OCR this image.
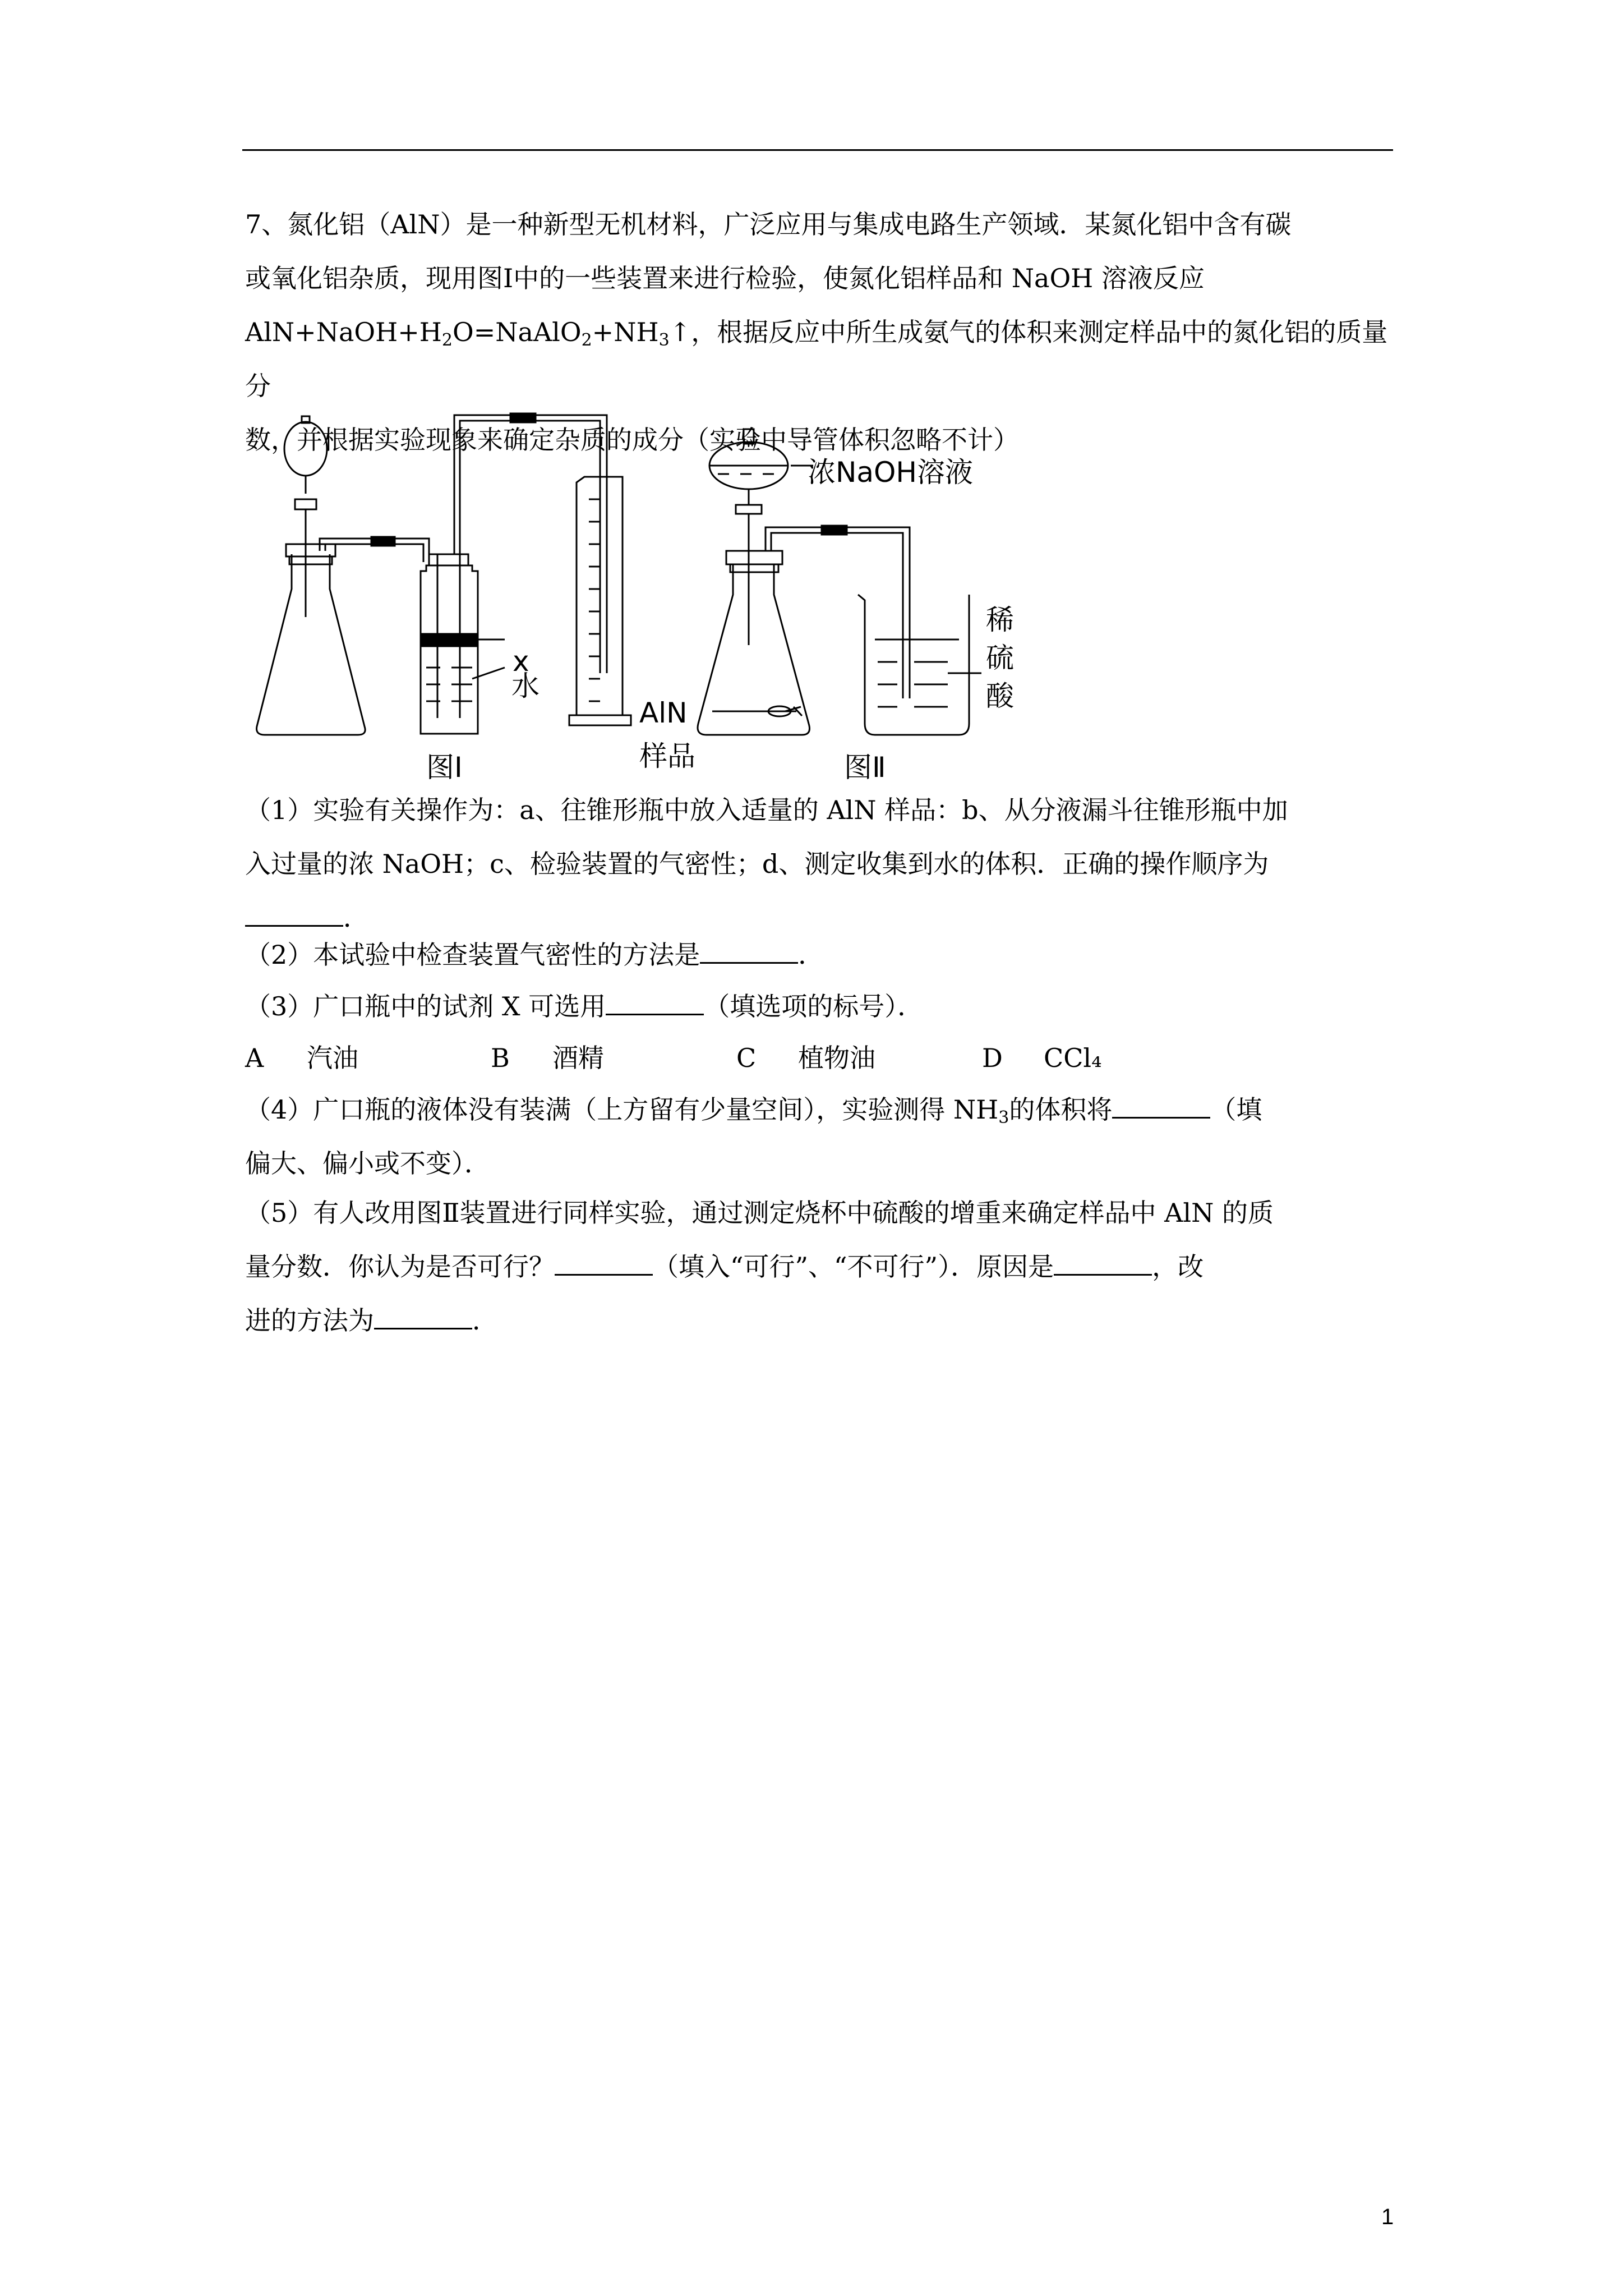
7、氮化铝（AlN）是一种新型无机材料，广泛应用与集成电路生产领域．某氮化铝中含有碳
或氧化铝杂质，现用图Ⅰ中的一些装置来进行检验，使氮化铝样品和 NaOH 溶液反应
$AlN+NaOH+H_2O=NaAlO_2+NH_3↑$，根据反应中所生成氨气的体积来测定样品中的氮化铝的质量分
数，并根据实验现象来确定杂质的成分（实验中导管体积忽略不计）

x
水
浓NaOH溶液
AlN
样品
稀
硫
酸
图Ⅰ	图Ⅱ

（1）实验有关操作为：a、往锥形瓶中放入适量的 AlN 样品：b、从分液漏斗往锥形瓶中加
入过量的浓 NaOH；c、检验装置的气密性；d、测定收集到水的体积．正确的操作顺序为
．

（2）本试验中检查装置气密性的方法是	．

（3）广口瓶中的试剂 X 可选用	（填选项的标号）．

A	汽油	B	酒精	C	植物油	D	CCl₄

（4）广口瓶的液体没有装满（上方留有少量空间），实验测得 $NH_3$的体积将	（填
偏大、偏小或不变）．

（5）有人改用图Ⅱ装置进行同样实验，通过测定烧杯中硫酸的增重来确定样品中 AlN 的质
量分数．你认为是否可行？	（填入“可行”、“不可行”）．原因是	，改
进的方法为	．

1
